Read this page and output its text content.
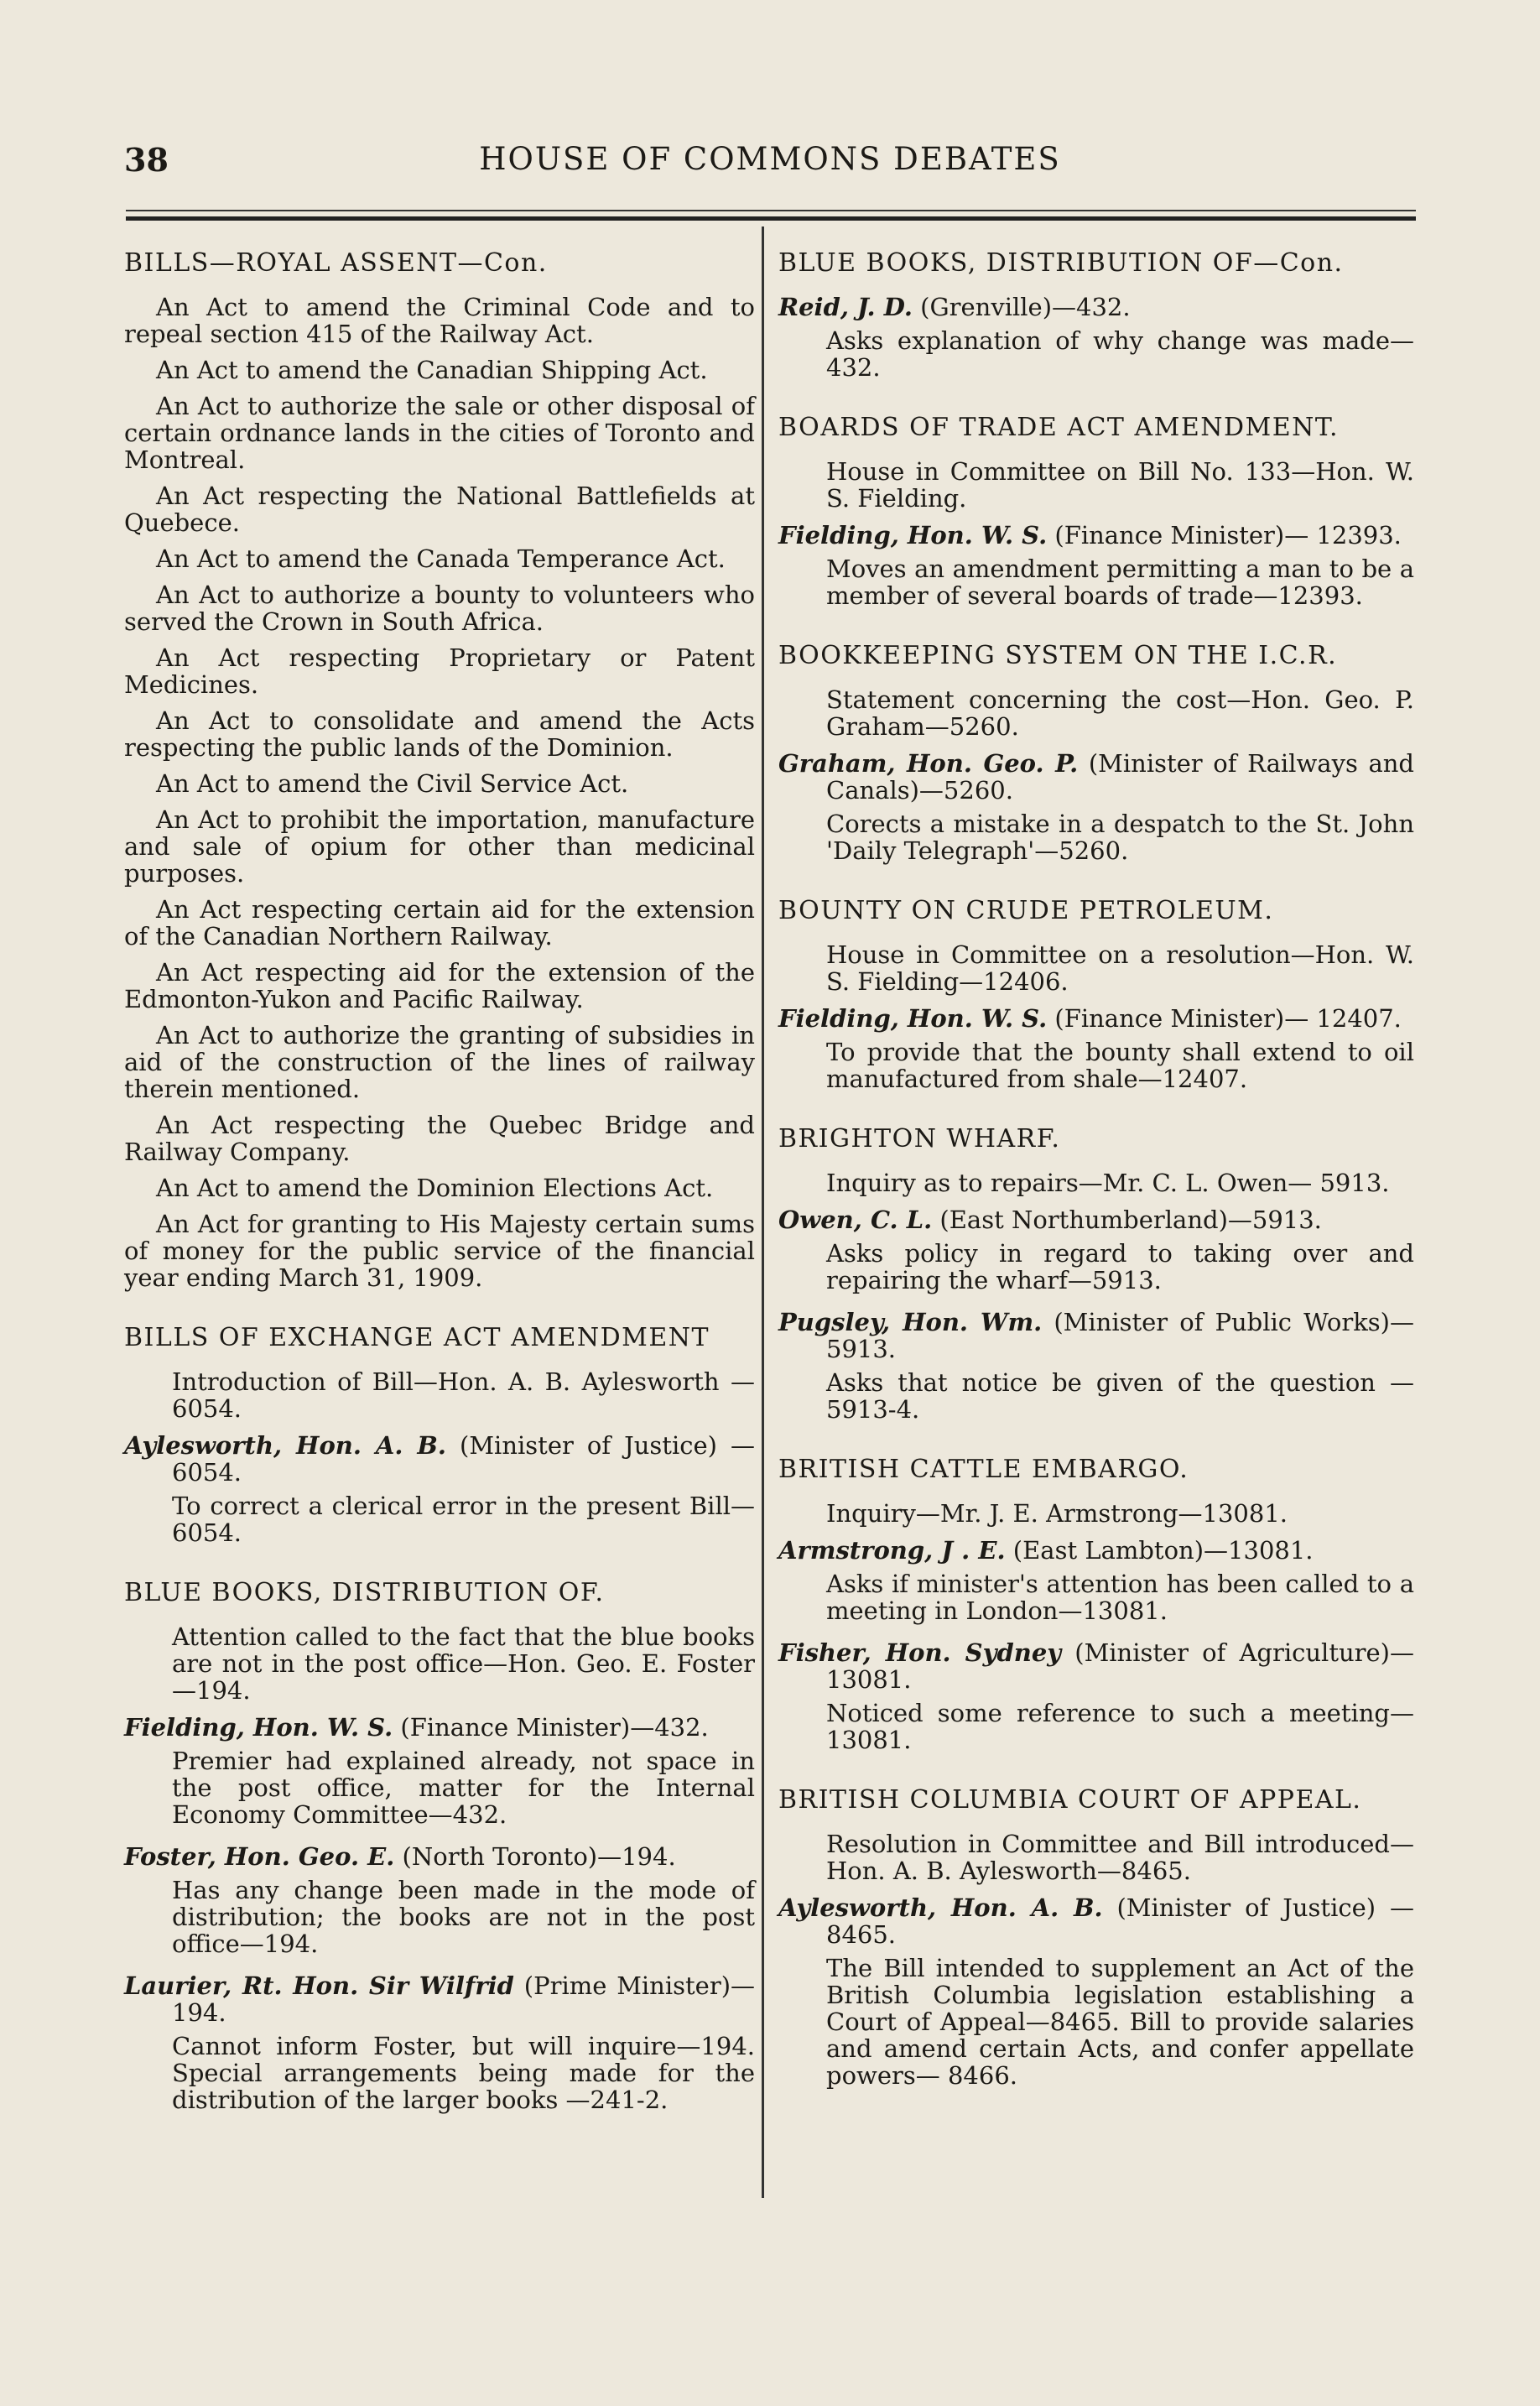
38	HOUSE OF COMMONS DEBATES
BILLS—ROYAL ASSENT—Con.
An Act to amend the Criminal Code and to repeal section 415 of the Railway Act.
An Act to amend the Canadian Shipping Act.
An Act to authorize the sale or other disposal of certain ordnance lands in the cities of Toronto and Montreal.
An Act respecting the National Battlefields at Quebece.
An Act to amend the Canada Temperance Act.
An Act to authorize a bounty to volunteers who served the Crown in South Africa.
An Act respecting Proprietary or Patent Medicines.
An Act to consolidate and amend the Acts respecting the public lands of the Dominion.
An Act to amend the Civil Service Act.
An Act to prohibit the importation, manufacture and sale of opium for other than medicinal purposes.
An Act respecting certain aid for the extension of the Canadian Northern Railway.
An Act respecting aid for the extension of the Edmonton-Yukon and Pacific Railway.
An Act to authorize the granting of subsidies in aid of the construction of the lines of railway therein mentioned.
An Act respecting the Quebec Bridge and Railway Company.
An Act to amend the Dominion Elections Act.
An Act for granting to His Majesty certain sums of money for the public service of the financial year ending March 31, 1909.
BILLS OF EXCHANGE ACT AMENDMENT
Introduction of Bill—Hon. A. B. Aylesworth —6054.
Aylesworth, Hon. A. B. (Minister of Justice) —6054.
To correct a clerical error in the present Bill—6054.
BLUE BOOKS, DISTRIBUTION OF.
Attention called to the fact that the blue books are not in the post office—Hon. Geo. E. Foster—194.
Fielding, Hon. W. S. (Finance Minister)—432.
Premier had explained already, not space in the post office, matter for the Internal Economy Committee—432.
Foster, Hon. Geo. E. (North Toronto)—194.
Has any change been made in the mode of distribution; the books are not in the post office—194.
Laurier, Rt. Hon. Sir Wilfrid (Prime Minister)—194.
Cannot inform Foster, but will inquire—194. Special arrangements being made for the distribution of the larger books —241-2.
BLUE BOOKS, DISTRIBUTION OF—Con.
Reid, J. D. (Grenville)—432.
Asks explanation of why change was made—432.
BOARDS OF TRADE ACT AMENDMENT.
House in Committee on Bill No. 133—Hon. W. S. Fielding.
Fielding, Hon. W. S. (Finance Minister)— 12393.
Moves an amendment permitting a man to be a member of several boards of trade—12393.
BOOKKEEPING SYSTEM ON THE I.C.R.
Statement concerning the cost—Hon. Geo. P. Graham—5260.
Graham, Hon. Geo. P. (Minister of Railways and Canals)—5260.
Corects a mistake in a despatch to the St. John 'Daily Telegraph'—5260.
BOUNTY ON CRUDE PETROLEUM.
House in Committee on a resolution—Hon. W. S. Fielding—12406.
Fielding, Hon. W. S. (Finance Minister)— 12407.
To provide that the bounty shall extend to oil manufactured from shale—12407.
BRIGHTON WHARF.
Inquiry as to repairs—Mr. C. L. Owen— 5913.
Owen, C. L. (East Northumberland)—5913.
Asks policy in regard to taking over and repairing the wharf—5913.
Pugsley, Hon. Wm. (Minister of Public Works)—5913.
Asks that notice be given of the question —5913-4.
BRITISH CATTLE EMBARGO.
Inquiry—Mr. J. E. Armstrong—13081.
Armstrong, J . E. (East Lambton)—13081.
Asks if minister's attention has been called to a meeting in London—13081.
Fisher, Hon. Sydney (Minister of Agriculture)—13081.
Noticed some reference to such a meeting—13081.
BRITISH COLUMBIA COURT OF APPEAL.
Resolution in Committee and Bill introduced—Hon. A. B. Aylesworth—8465.
Aylesworth, Hon. A. B. (Minister of Justice) —8465.
The Bill intended to supplement an Act of the British Columbia legislation establishing a Court of Appeal—8465. Bill to provide salaries and amend certain Acts, and confer appellate powers— 8466.
